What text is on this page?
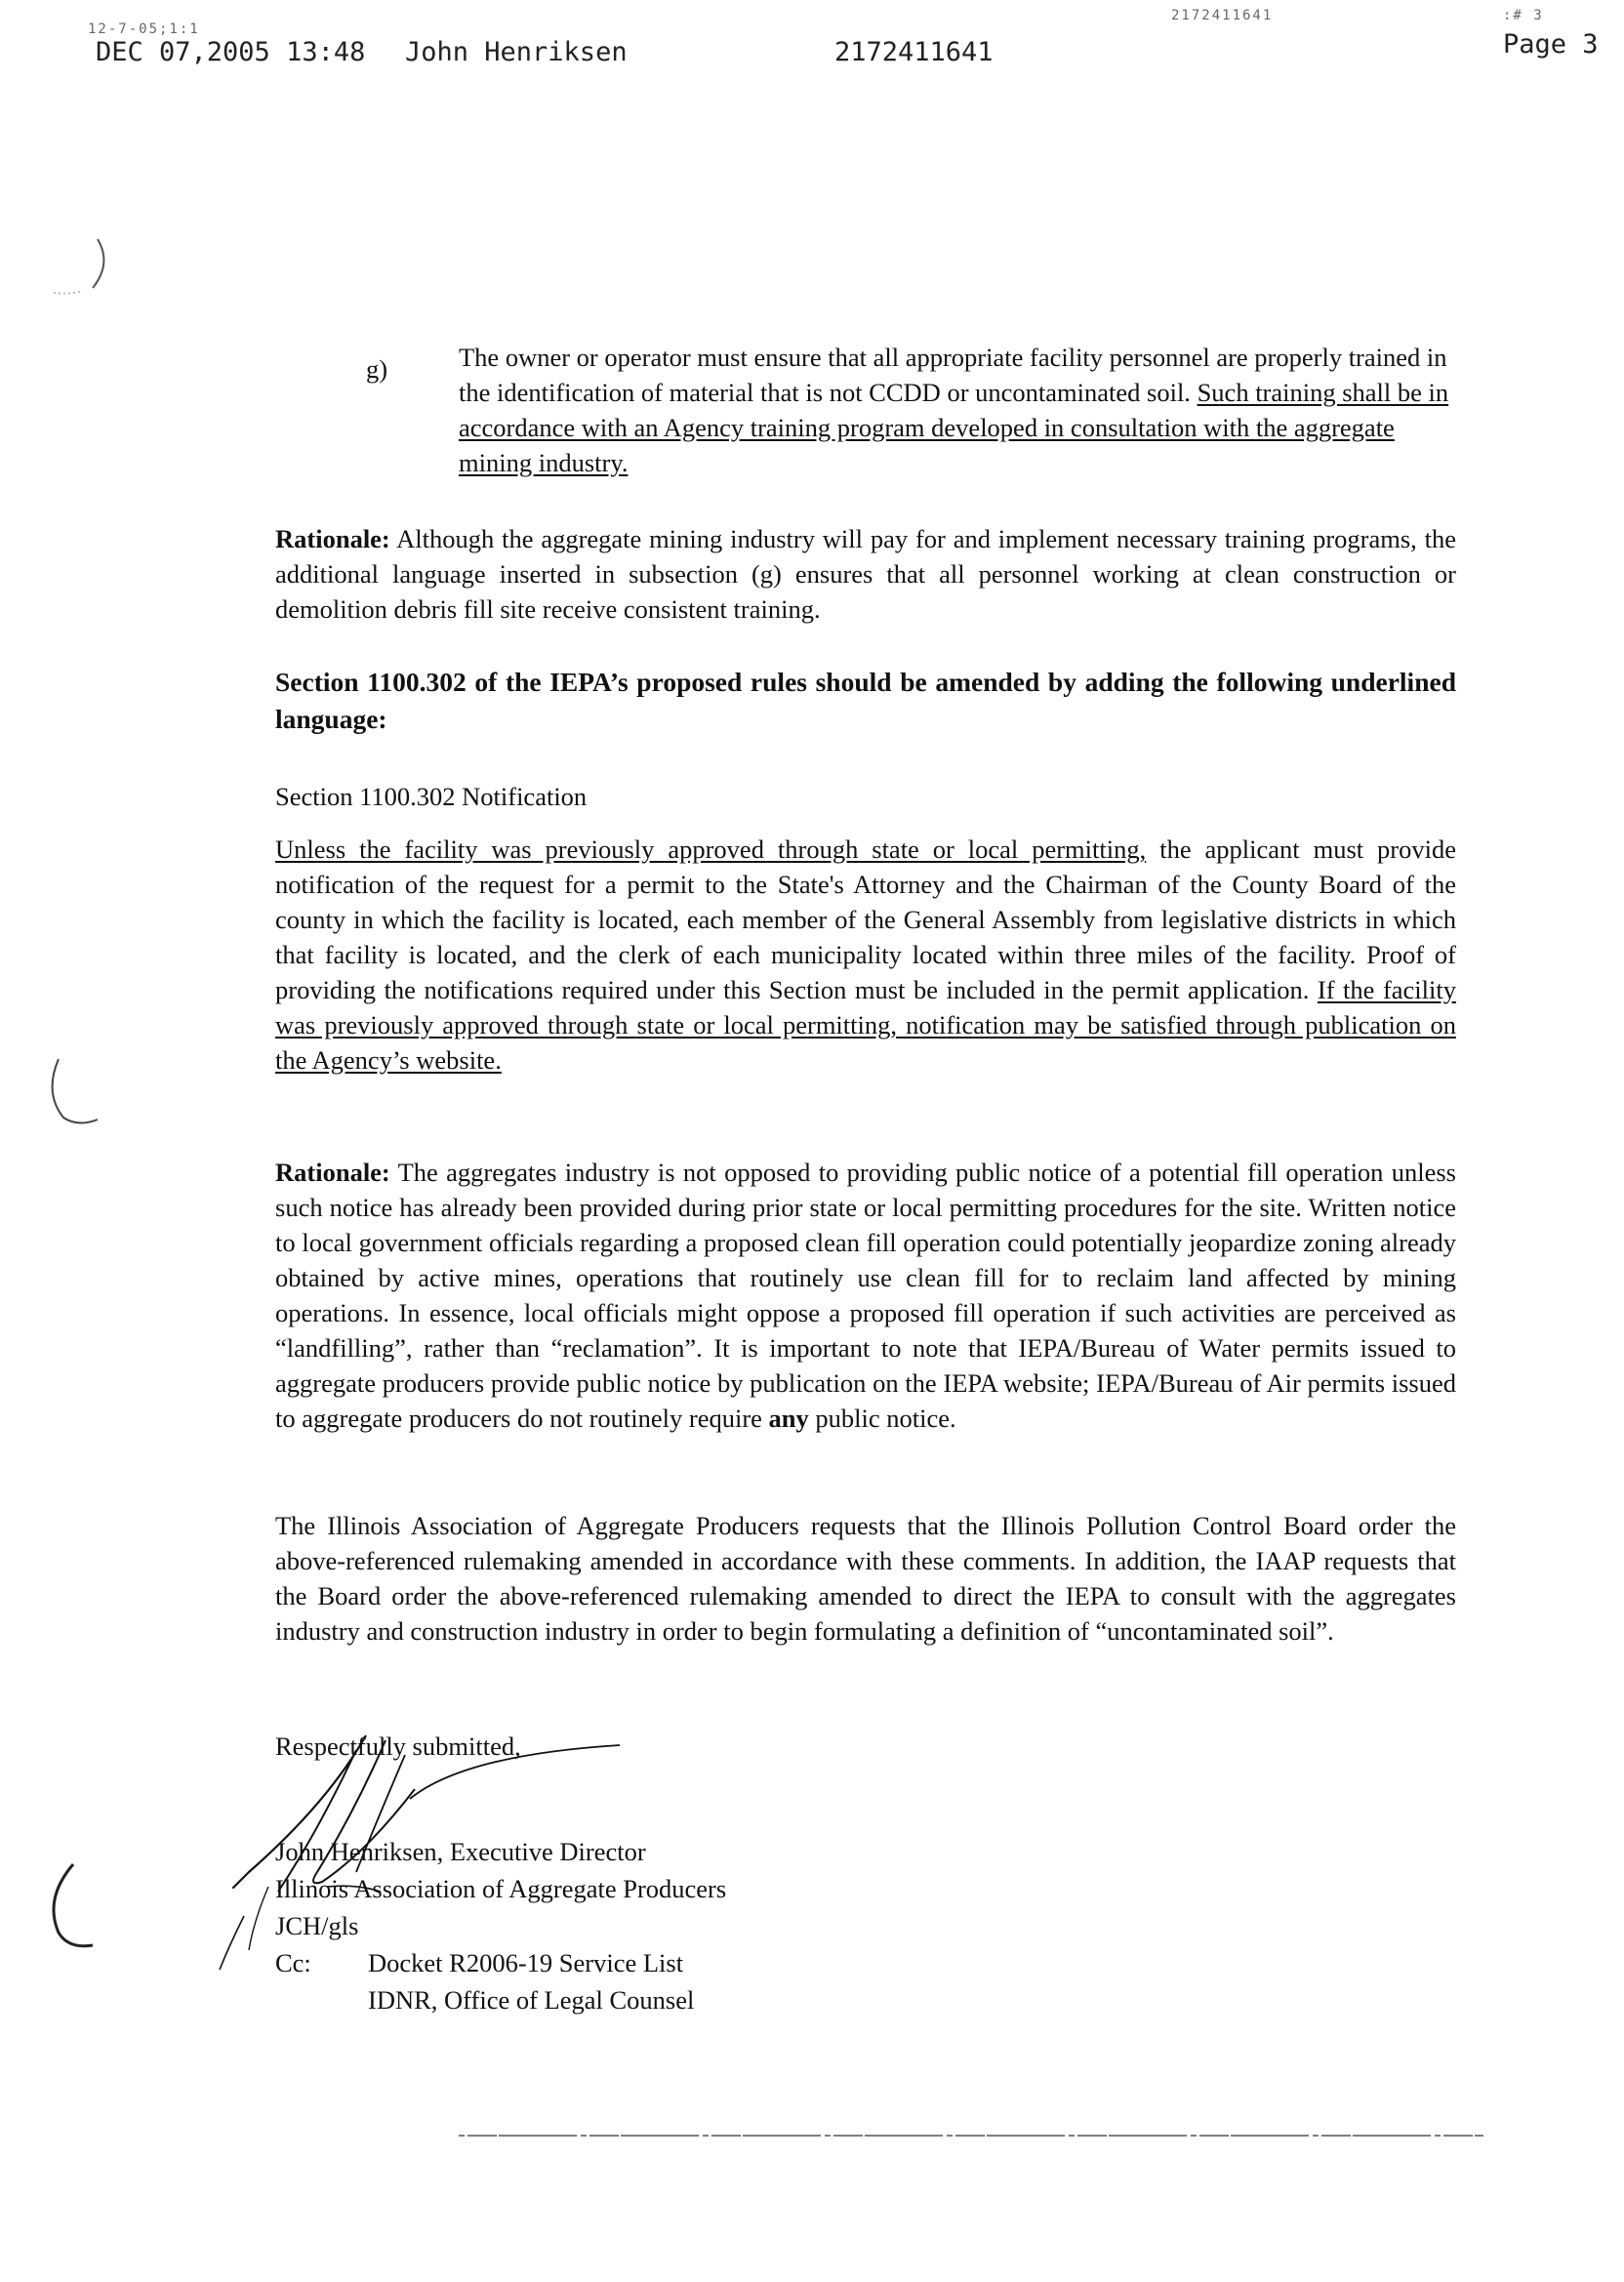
12-7-05;1:1
2172411641	:# 3
DEC 07,2005 13:48 John Henriksen	2172411641	Page 3
g)	The owner or operator must ensure that all appropriate facility personnel are properly trained in the identification of material that is not CCDD or uncontaminated soil. Such training shall be in accordance with an Agency training program developed in consultation with the aggregate mining industry.

Rationale: Although the aggregate mining industry will pay for and implement necessary training programs, the additional language inserted in subsection (g) ensures that all personnel working at clean construction or demolition debris fill site receive consistent training.

Section 1100.302 of the IEPA’s proposed rules should be amended by adding the following underlined language:

Section 1100.302 Notification

Unless the facility was previously approved through state or local permitting, the applicant must provide notification of the request for a permit to the State's Attorney and the Chairman of the County Board of the county in which the facility is located, each member of the General Assembly from legislative districts in which that facility is located, and the clerk of each municipality located within three miles of the facility. Proof of providing the notifications required under this Section must be included in the permit application. If the facility was previously approved through state or local permitting, notification may be satisfied through publication on the Agency’s website.

Rationale: The aggregates industry is not opposed to providing public notice of a potential fill operation unless such notice has already been provided during prior state or local permitting procedures for the site. Written notice to local government officials regarding a proposed clean fill operation could potentially jeopardize zoning already obtained by active mines, operations that routinely use clean fill for to reclaim land affected by mining operations. In essence, local officials might oppose a proposed fill operation if such activities are perceived as “landfilling”, rather than “reclamation”. It is important to note that IEPA/Bureau of Water permits issued to aggregate producers provide public notice by publication on the IEPA website; IEPA/Bureau of Air permits issued to aggregate producers do not routinely require any public notice.

The Illinois Association of Aggregate Producers requests that the Illinois Pollution Control Board order the above-referenced rulemaking amended in accordance with these comments. In addition, the IAAP requests that the Board order the above-referenced rulemaking amended to direct the IEPA to consult with the aggregates industry and construction industry in order to begin formulating a definition of “uncontaminated soil”.

Respectfully submitted,
John Henriksen, Executive Director
Illinois Association of Aggregate Producers
JCH/gls
Cc:	Docket R2006-19 Service List
IDNR, Office of Legal Counsel
